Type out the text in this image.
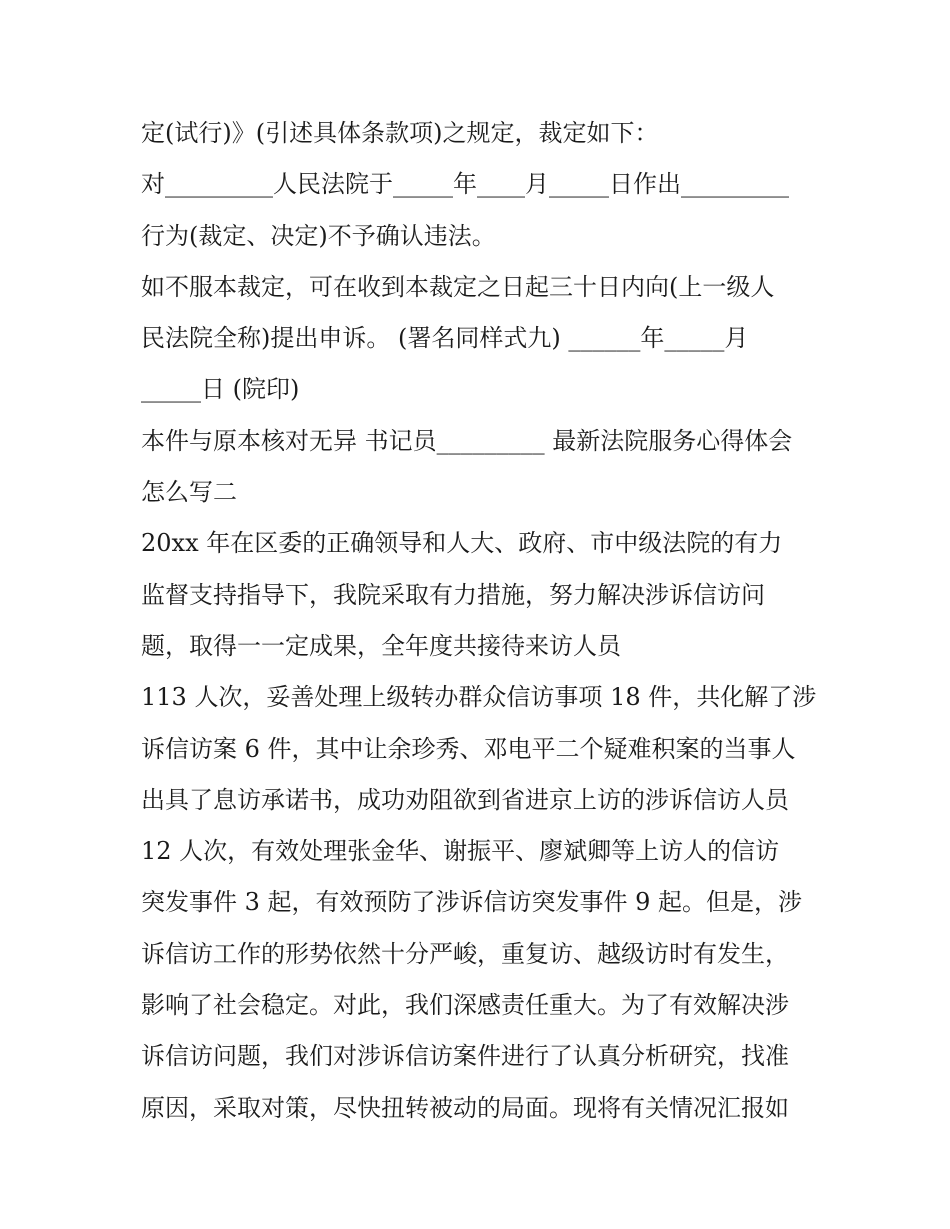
定(试行)》(引述具体条款项)之规定，裁定如下：
对_________人民法院于_____年____月_____日作出_________
行为(裁定、决定)不予确认违法。
如不服本裁定，可在收到本裁定之日起三十日内向(上一级人
民法院全称)提出申诉。 (署名同样式九) ______年_____月
_____日 (院印)
本件与原本核对无异 书记员_________ 最新法院服务心得体会
怎么写二
20xx 年在区委的正确领导和人大、政府、市中级法院的有力
监督支持指导下，我院采取有力措施，努力解决涉诉信访问
题，取得一一定成果，全年度共接待来访人员
113 人次，妥善处理上级转办群众信访事项 18 件，共化解了涉
诉信访案 6 件，其中让余珍秀、邓电平二个疑难积案的当事人
出具了息访承诺书，成功劝阻欲到省进京上访的涉诉信访人员
12 人次，有效处理张金华、谢振平、廖斌卿等上访人的信访
突发事件 3 起，有效预防了涉诉信访突发事件 9 起。但是，涉
诉信访工作的形势依然十分严峻，重复访、越级访时有发生，
影响了社会稳定。对此，我们深感责任重大。为了有效解决涉
诉信访问题，我们对涉诉信访案件进行了认真分析研究，找准
原因，采取对策，尽快扭转被动的局面。现将有关情况汇报如
